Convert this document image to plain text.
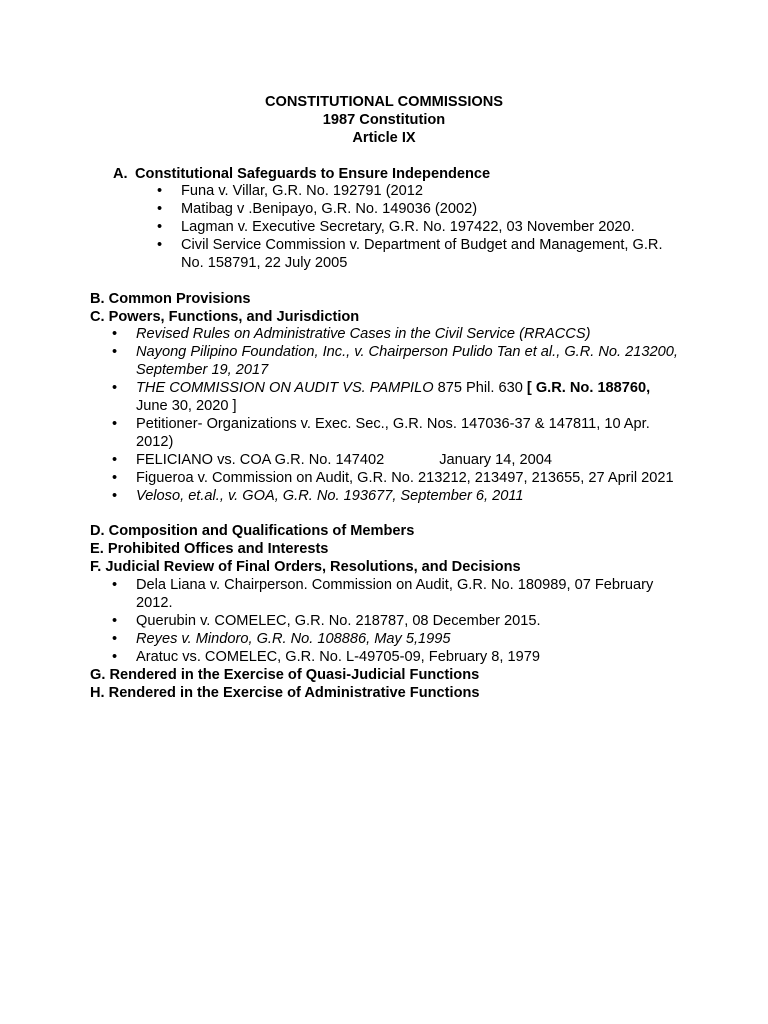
CONSTITUTIONAL COMMISSIONS
1987 Constitution
Article IX
A. Constitutional Safeguards to Ensure Independence
• Funa v. Villar, G.R. No. 192791 (2012
• Matibag v .Benipayo, G.R. No. 149036 (2002)
• Lagman v. Executive Secretary, G.R. No. 197422, 03 November 2020.
• Civil Service Commission v. Department of Budget and Management, G.R. No. 158791, 22 July 2005
B. Common Provisions
C. Powers, Functions, and Jurisdiction
• Revised Rules on Administrative Cases in the Civil Service (RRACCS)
• Nayong Pilipino Foundation, Inc., v. Chairperson Pulido Tan et al., G.R. No. 213200, September 19, 2017
• THE COMMISSION ON AUDIT VS. PAMPILO 875 Phil. 630 [ G.R. No. 188760, June 30, 2020 ]
• Petitioner- Organizations v. Exec. Sec., G.R. Nos. 147036-37 & 147811, 10 Apr. 2012)
• FELICIANO vs. COA G.R. No. 147402	January 14, 2004
• Figueroa v. Commission on Audit, G.R. No. 213212, 213497, 213655, 27 April 2021
• Veloso, et.al., v. GOA, G.R. No. 193677, September 6, 2011
D. Composition and Qualifications of Members
E. Prohibited Offices and Interests
F. Judicial Review of Final Orders, Resolutions, and Decisions
• Dela Liana v. Chairperson. Commission on Audit, G.R. No. 180989, 07 February 2012.
• Querubin v. COMELEC, G.R. No. 218787, 08 December 2015.
• Reyes v. Mindoro, G.R. No. 108886, May 5,1995
• Aratuc vs. COMELEC, G.R. No. L-49705-09, February 8, 1979
G. Rendered in the Exercise of Quasi-Judicial Functions
H. Rendered in the Exercise of Administrative Functions
